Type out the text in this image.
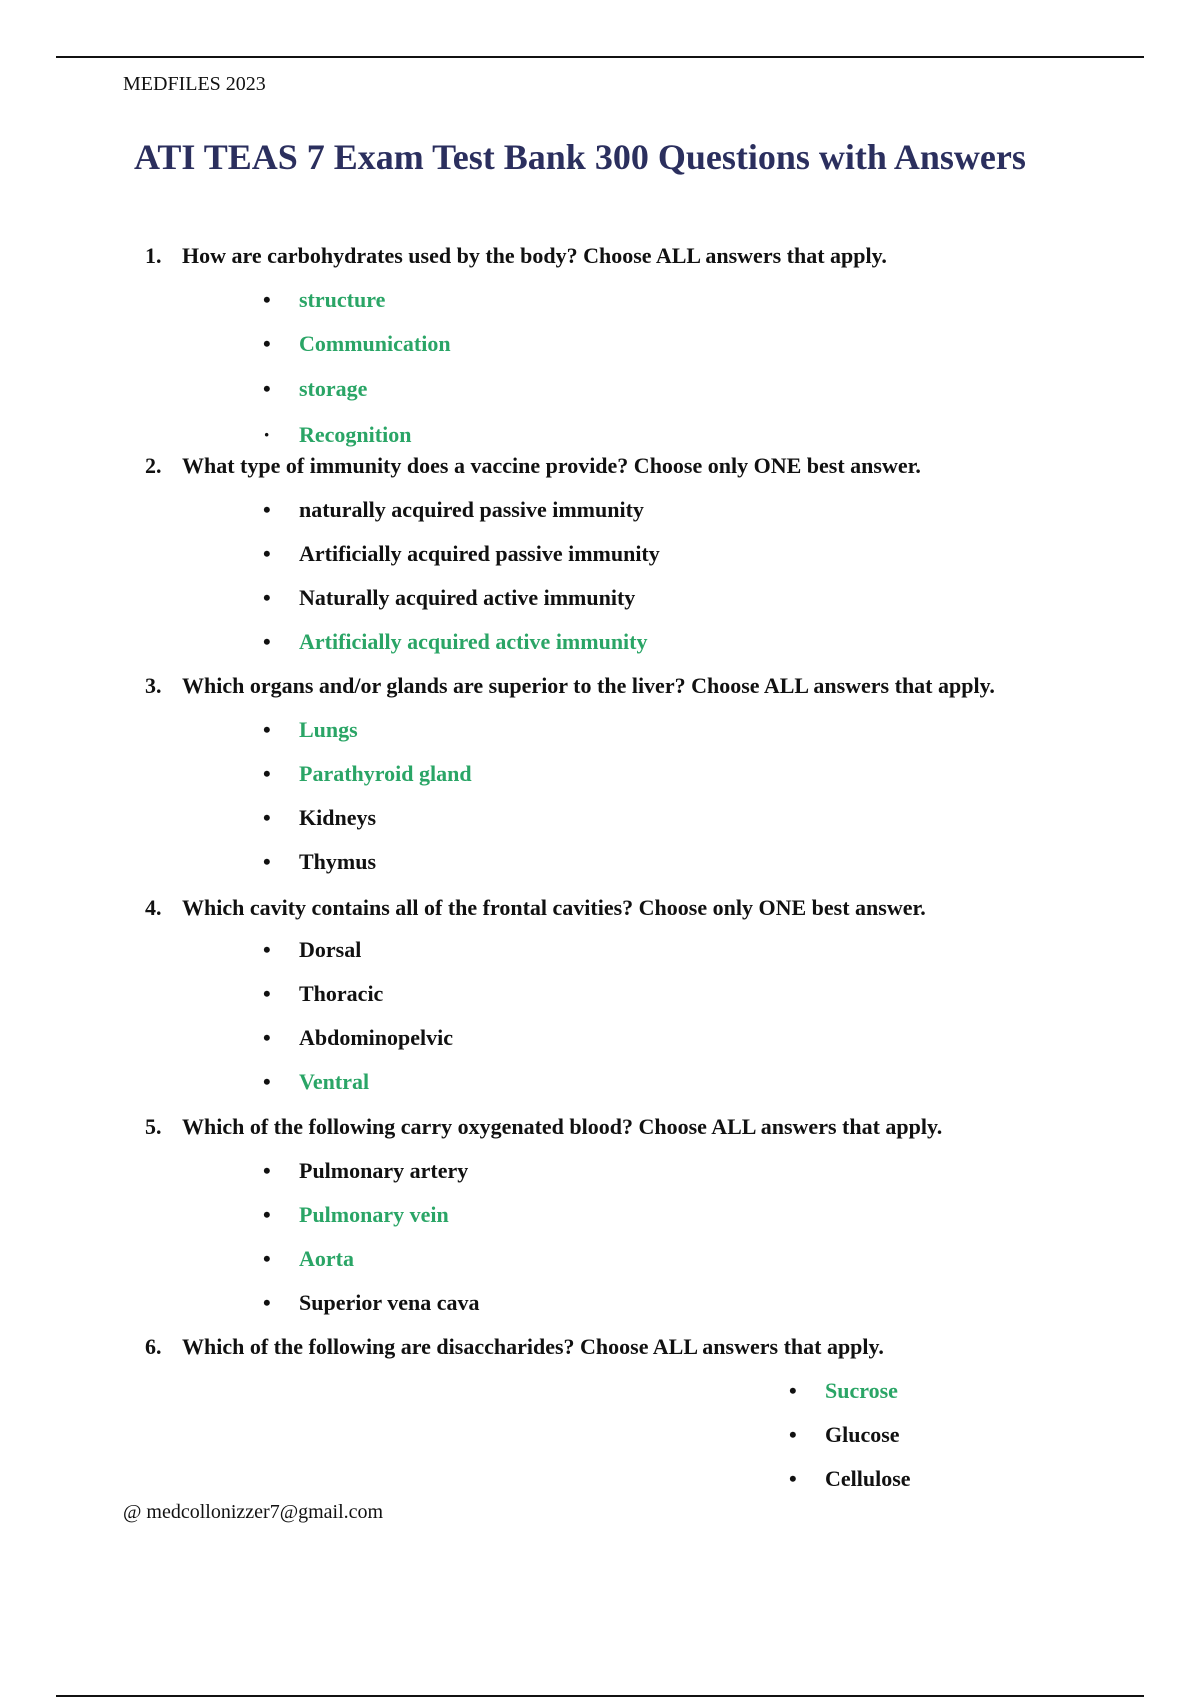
MEDFILES 2023
ATI TEAS 7 Exam Test Bank 300 Questions with Answers
1. How are carbohydrates used by the body? Choose ALL answers that apply.
• structure
• Communication
• storage
· Recognition
2. What type of immunity does a vaccine provide? Choose only ONE best answer.
• naturally acquired passive immunity
• Artificially acquired passive immunity
• Naturally acquired active immunity
• Artificially acquired active immunity
3. Which organs and/or glands are superior to the liver? Choose ALL answers that apply.
• Lungs
• Parathyroid gland
• Kidneys
• Thymus
4. Which cavity contains all of the frontal cavities? Choose only ONE best answer.
• Dorsal
• Thoracic
• Abdominopelvic
• Ventral
5. Which of the following carry oxygenated blood? Choose ALL answers that apply.
• Pulmonary artery
• Pulmonary vein
• Aorta
• Superior vena cava
6. Which of the following are disaccharides? Choose ALL answers that apply.
• Sucrose
• Glucose
• Cellulose
@ medcollonizzer7@gmail.com
